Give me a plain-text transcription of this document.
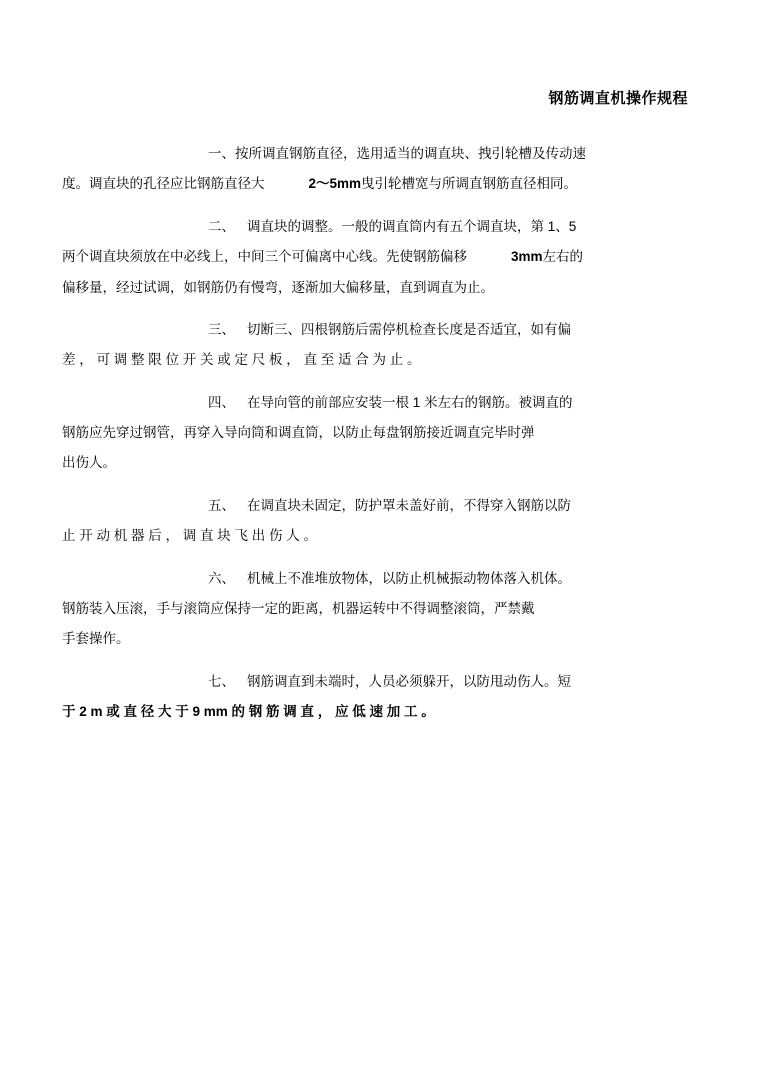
钢筋调直机操作规程

一、按所调直钢筋直径，选用适当的调直块、拽引轮槽及传动速
度。调直块的孔径应比钢筋直径大	2～5mm曳引轮槽宽与所调直钢筋直径相同。

二、 调直块的调整。一般的调直筒内有五个调直块，第 1、5
两个调直块须放在中必线上，中间三个可偏离中心线。先使钢筋偏移	3mm左右的
偏移量，经过试调，如钢筋仍有慢弯，逐渐加大偏移量，直到调直为止。

三、 切断三、四根钢筋后需停机检查长度是否适宜，如有偏
差 ， 可 调 整 限 位 开 关 或 定 尺 板 ， 直 至 适 合 为 止 。

四、 在导向管的前部应安装一根 1 米左右的钢筋。被调直的
钢筋应先穿过钢管，再穿入导向筒和调直筒，以防止每盘钢筋接近调直完毕时弹
出伤人。

五、 在调直块未固定，防护罩未盖好前，不得穿入钢筋以防
止 开 动 机 器 后 ， 调 直 块 飞 出 伤 人 。

六、 机械上不准堆放物体，以防止机械振动物体落入机体。
钢筋装入压滚，手与滚筒应保持一定的距离，机器运转中不得调整滚筒，严禁戴
手套操作。

七、 钢筋调直到未端时，人员必须躲开，以防甩动伤人。短
于 2 m 或 直 径 大 于 9 mm 的 钢 筋 调 直 ， 应 低 速 加 工 。
